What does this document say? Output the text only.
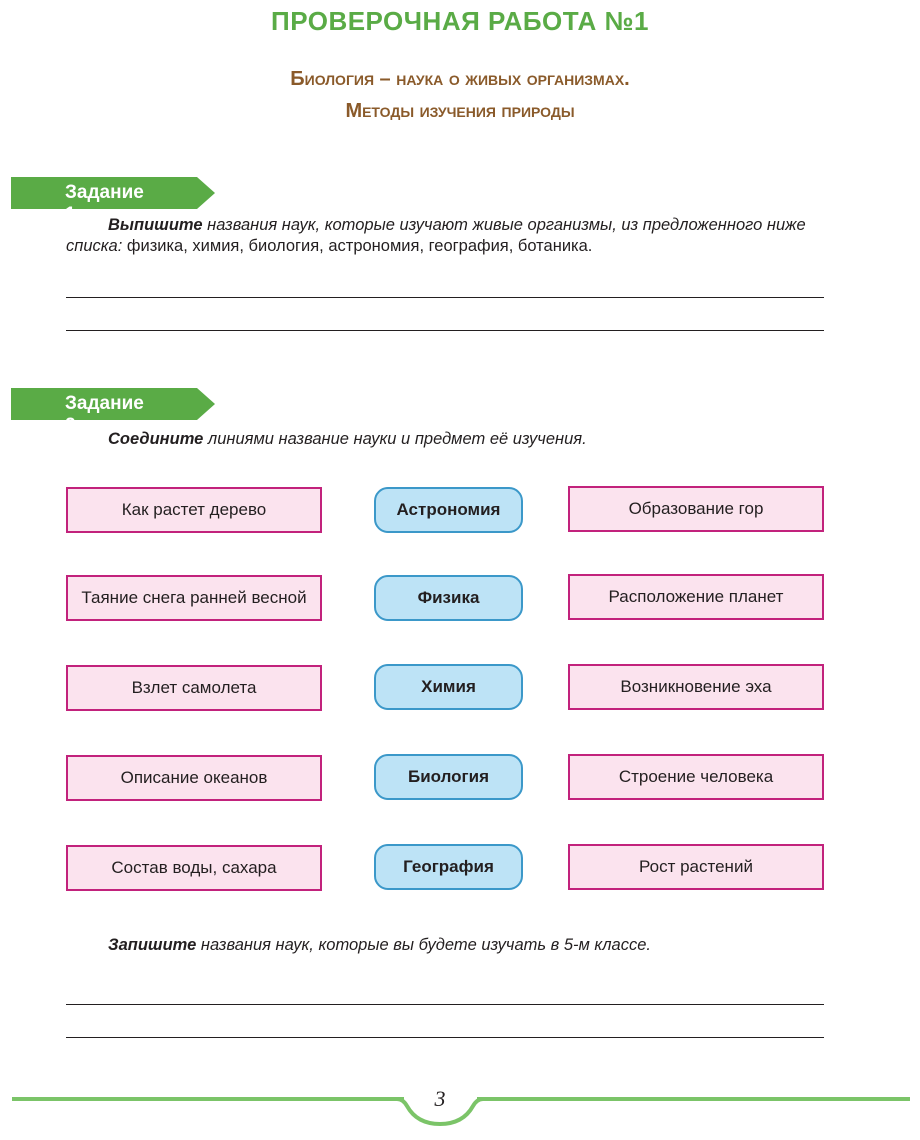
ПРОВЕРОЧНАЯ РАБОТА №1
Биология – наука о живых организмах.
Методы изучения природы
Задание 1.	Выпишите названия наук, которые изучают живые организмы, из предложенного ниже списка: физика, химия, биология, астрономия, география, ботаника.
Задание 2.
Соедините линиями название науки и предмет её изучения.
Как растет дерево
Таяние снега ранней весной
Взлет самолета
Описание океанов
Состав воды, сахара
Астрономия
Физика
Химия
Биология
География
Образование гор
Расположение планет
Возникновение эха
Строение человека
Рост растений
Запишите названия наук, которые вы будете изучать в 5-м классе.
3
